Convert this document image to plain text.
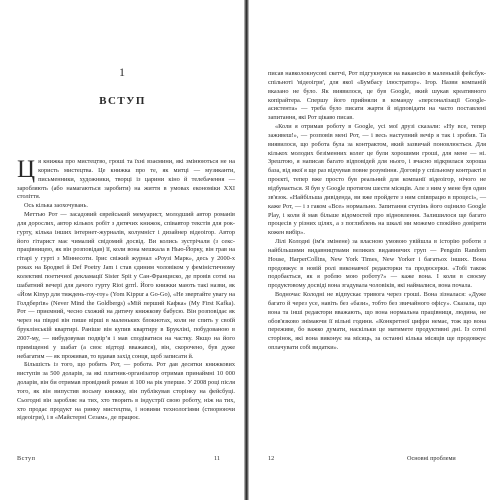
1
ВСТУП

Ця книжка про мистецтво, гроші та їхні взаємини, які змінюються не на користь мистецтва. Це книжка про те, як митці — музиканти, письменники, художники, творці із царини кіно й телебачення — заробляють (або намагаються заробити) на життя в умовах економіки XXI століття.

Ось кілька заохочувань.

Меттью Рот — засадовий єврейський мемуарист, молодший автор романів для дорослих, автор кількох робіт з дитячих книжок, співавтор текстів для рок-гурту, кілька інших інтернет-журналів, колумніст і дизайнер відеоігор. Автор його гітарист має чималий свідомий досвід. Ви колись зустрічали (з секс-працівницею, як він розповідав) її, коли вона мешкала в Нью-Йорку, він грав на гітарі у гурті з Міннесоти. Ірис свіжий журнал «Роузі Марк», десь у 2000-х роках на Бродвеї й Def Poetry Jam і став єдиним чоловіком у феміністичному колективі поетичної декламації Sister Spit у Сан-Франциско, де провів сотні на шабатний вечері для дачого гурту Riot grrrl. Його книжки мають такі назви, як «Йом Кіпур для тиждень-гоу-гоу» (Yom Kippur a Go-Go), «Не звертайте увагу на Голдберґів» (Never Mind the Goldbergs) «Мій перший Кафка» (My First Kafka). Рот — приємний, чесно схожий на дитячу книжкову бабусю. Він розповідає як через на півдні він пише вірші в маленьких блокнотах, коли не спить у своїй бруклінській квартирі. Раніше він купив квартиру в Брукліні, побудованою в 2007-му, — вибудовував подвір’я і мав сподіватися на частку. Якщо на його приміщенні у шабат (а своє відтоді вважався), він, скорочено, був дуже небагатим — як проживав, то вдавав захід сонця, щоб записати й.

Більшість із того, що робить Рот, — робота. Рот дав десятки книжкових виступів за 500 доларів, за які платник-організатор отримав принаймні 10 000 доларів, він би отримав провідний роман зі 100 на рік уперше. У 2008 році після того, як він випустив восьму книжку, він публікував сторінку на фейсбуці. Сьогодні він заробляє на тих, хто творить в індустрії свою роботу, ніж на тих, хто продає продукт на ринку мистецтва, і новими технологіями (створюючи відеоігри), і в «Майстерні Сезам», де працює.

Вступ	11

писав навколокнусові скетчі, Рот підгукнувся на вакансію в маленькій фейсбук-спільноті 'відеоігри', для якої «Бумбасу ілюстратор». Ігор. Назви компаній вказано не було. Як виявилося, це був Google, який шукав креативного копірайтера. Спершу його прийняли в команду «персоналізації Google-асистента» — треба було писати жарти й відповідати на часто поставлені запитання, які Рот цікаво писав.

«Коли я отримав роботу в Google, усі мої друзі сказали: «Ну все, тепер заживеш!», — розповів мені Рот, — і весь наступний вечір я так і зробив. Та виявилося, що робота була за контрактом, який зазвичай поновлюється. Для кількох молодих безіменних колег це були хорошими гроші, для мене — ні. Зрештою, я написав багато відповідей для нього, і вчасно відкрилася хороша база, від якої я ще раз відчував повне розуміння. Договір у спільному контракті в проєкті, тепер вже просто був реальний для компанії відеоігор, нічого не відбувається. Я був у Google протягом шести місяців. Але з ним у мене був один зв'язок. «Найбільша дивіденда, ви вже пройдете з ним співпрацю в процесі», — каже Рот, — і з гаком «Все» нормально. Запитання ступінь його оцінило Google Play, і коли й мав більше відомостей про відновлення. Залишилося ще багато процесів у різних цілях, а з поглиблень на шкалі ми можемо спокійно довіряти кожен вибір».

Лілі Колодні (ім'я змінене) за власною умовою увійшла в історію роботи з найбільшими видавництвами великих видавничих груп — Penguin Random House, HarperCollins, New York Times, New Yorker і багатьох інших. Вона продовжує в новій ролі виконавчої редакторки та продюсерки. «Тобі також подобається, як я роблю мою роботу?» — каже вона. І коли в своєму продуктовому досвіді вона згадувала чоловіків, які наймалися, вона почала.

Водночас Колодні не відпускає тривога через гроші. Вона зізналася: «Дуже багато й через усе, навіть без «бази», тобто без звичайного офісу». Сказала, що вона та інші редактори вважають, що вона нормальна працівниця, людина, не обов'язково знімаючи її вільні години. «Конкретної цифри немає, тож що вона переживе, бо важко думати, наскільки це матимете продуктивні дні. Із сотні сторінок, які вона виконує на місяць, за останні кілька місяців ще продовжує оплачувати собі видатки».

12	Основні проблеми
